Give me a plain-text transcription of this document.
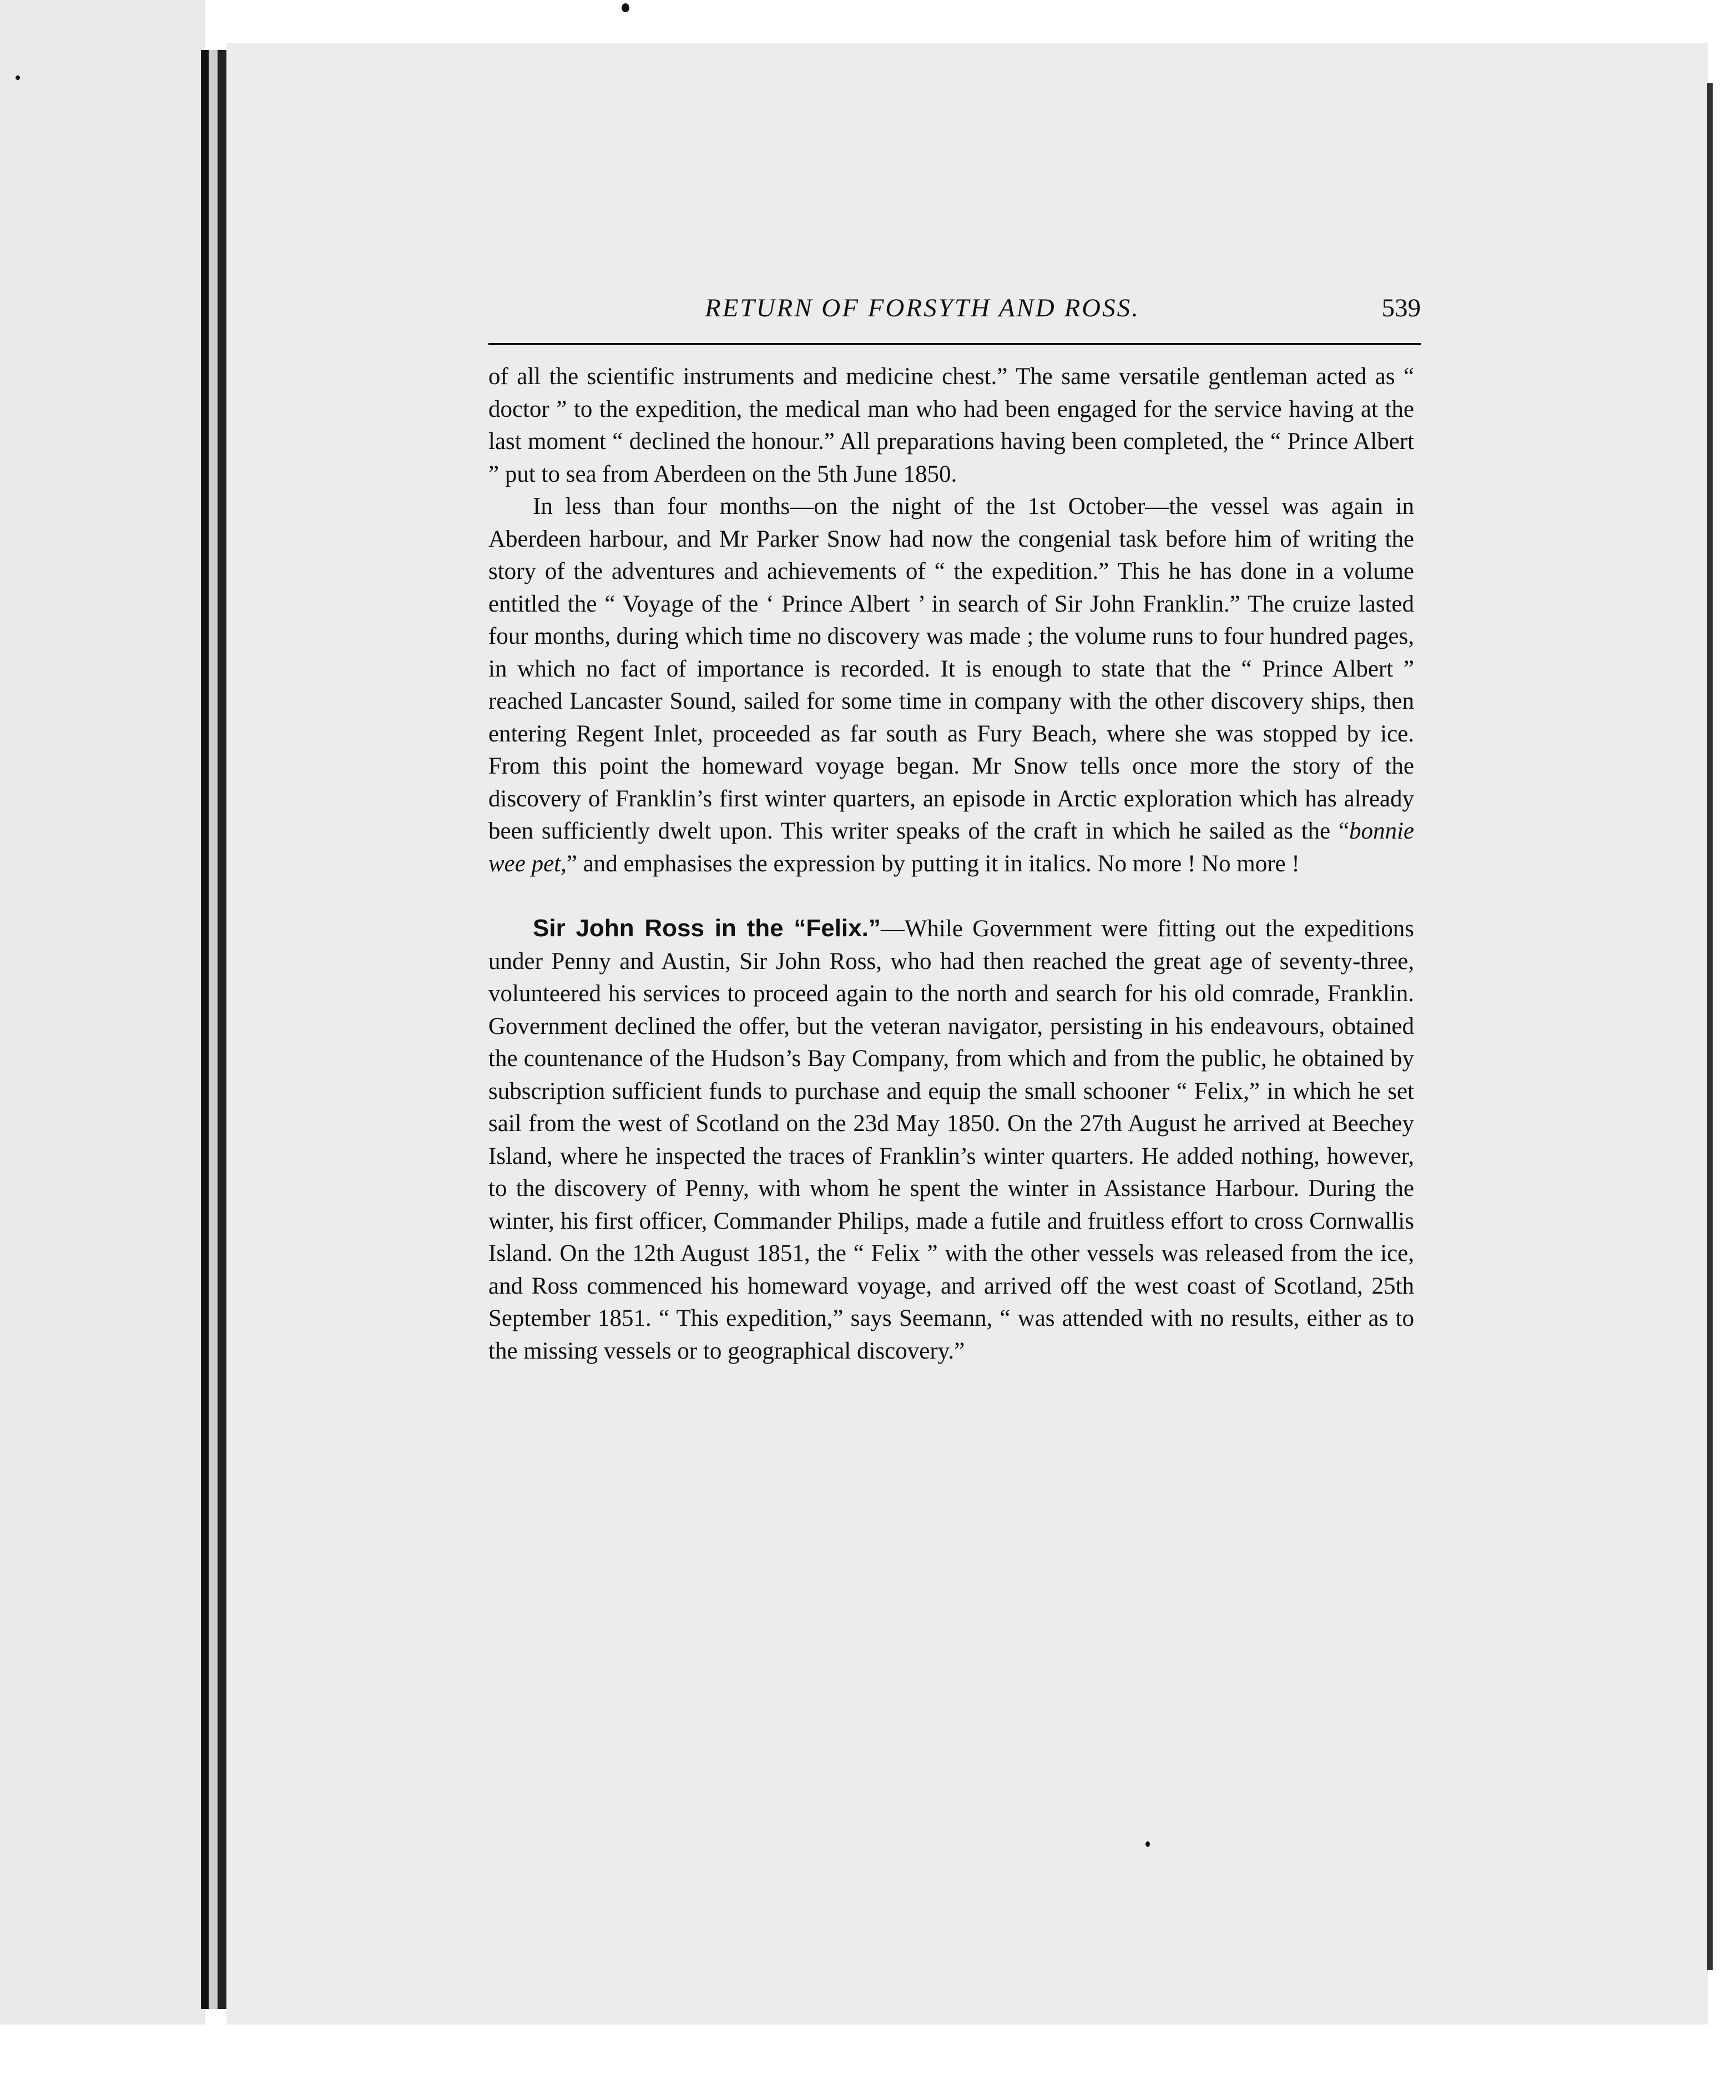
RETURN OF FORSYTH AND ROSS.	539

of all the scientific instruments and medicine chest.” The same versatile gentleman acted as “ doctor ” to the expedition, the medical man who had been engaged for the service having at the last moment “ declined the honour.” All preparations having been completed, the “ Prince Albert ” put to sea from Aberdeen on the 5th June 1850.

In less than four months—on the night of the 1st October—the vessel was again in Aberdeen harbour, and Mr Parker Snow had now the congenial task before him of writing the story of the adventures and achievements of “ the expedition.” This he has done in a volume entitled the “ Voyage of the ‘ Prince Albert ’ in search of Sir John Franklin.” The cruize lasted four months, during which time no discovery was made ; the volume runs to four hundred pages, in which no fact of importance is recorded. It is enough to state that the “ Prince Albert ” reached Lancaster Sound, sailed for some time in company with the other discovery ships, then entering Regent Inlet, proceeded as far south as Fury Beach, where she was stopped by ice. From this point the homeward voyage began. Mr Snow tells once more the story of the discovery of Franklin’s first winter quarters, an episode in Arctic exploration which has already been sufficiently dwelt upon. This writer speaks of the craft in which he sailed as the “bonnie wee pet,” and emphasises the expression by putting it in italics. No more ! No more !

Sir John Ross in the “Felix.”—While Government were fitting out the expeditions under Penny and Austin, Sir John Ross, who had then reached the great age of seventy-three, volunteered his services to proceed again to the north and search for his old comrade, Franklin. Government declined the offer, but the veteran navigator, persisting in his endeavours, obtained the countenance of the Hudson’s Bay Company, from which and from the public, he obtained by subscription sufficient funds to purchase and equip the small schooner “ Felix,” in which he set sail from the west of Scotland on the 23d May 1850. On the 27th August he arrived at Beechey Island, where he inspected the traces of Franklin’s winter quarters. He added nothing, however, to the discovery of Penny, with whom he spent the winter in Assistance Harbour. During the winter, his first officer, Commander Philips, made a futile and fruitless effort to cross Cornwallis Island. On the 12th August 1851, the “ Felix ” with the other vessels was released from the ice, and Ross commenced his homeward voyage, and arrived off the west coast of Scotland, 25th September 1851. “ This expedition,” says Seemann, “ was attended with no results, either as to the missing vessels or to geographical discovery.”
